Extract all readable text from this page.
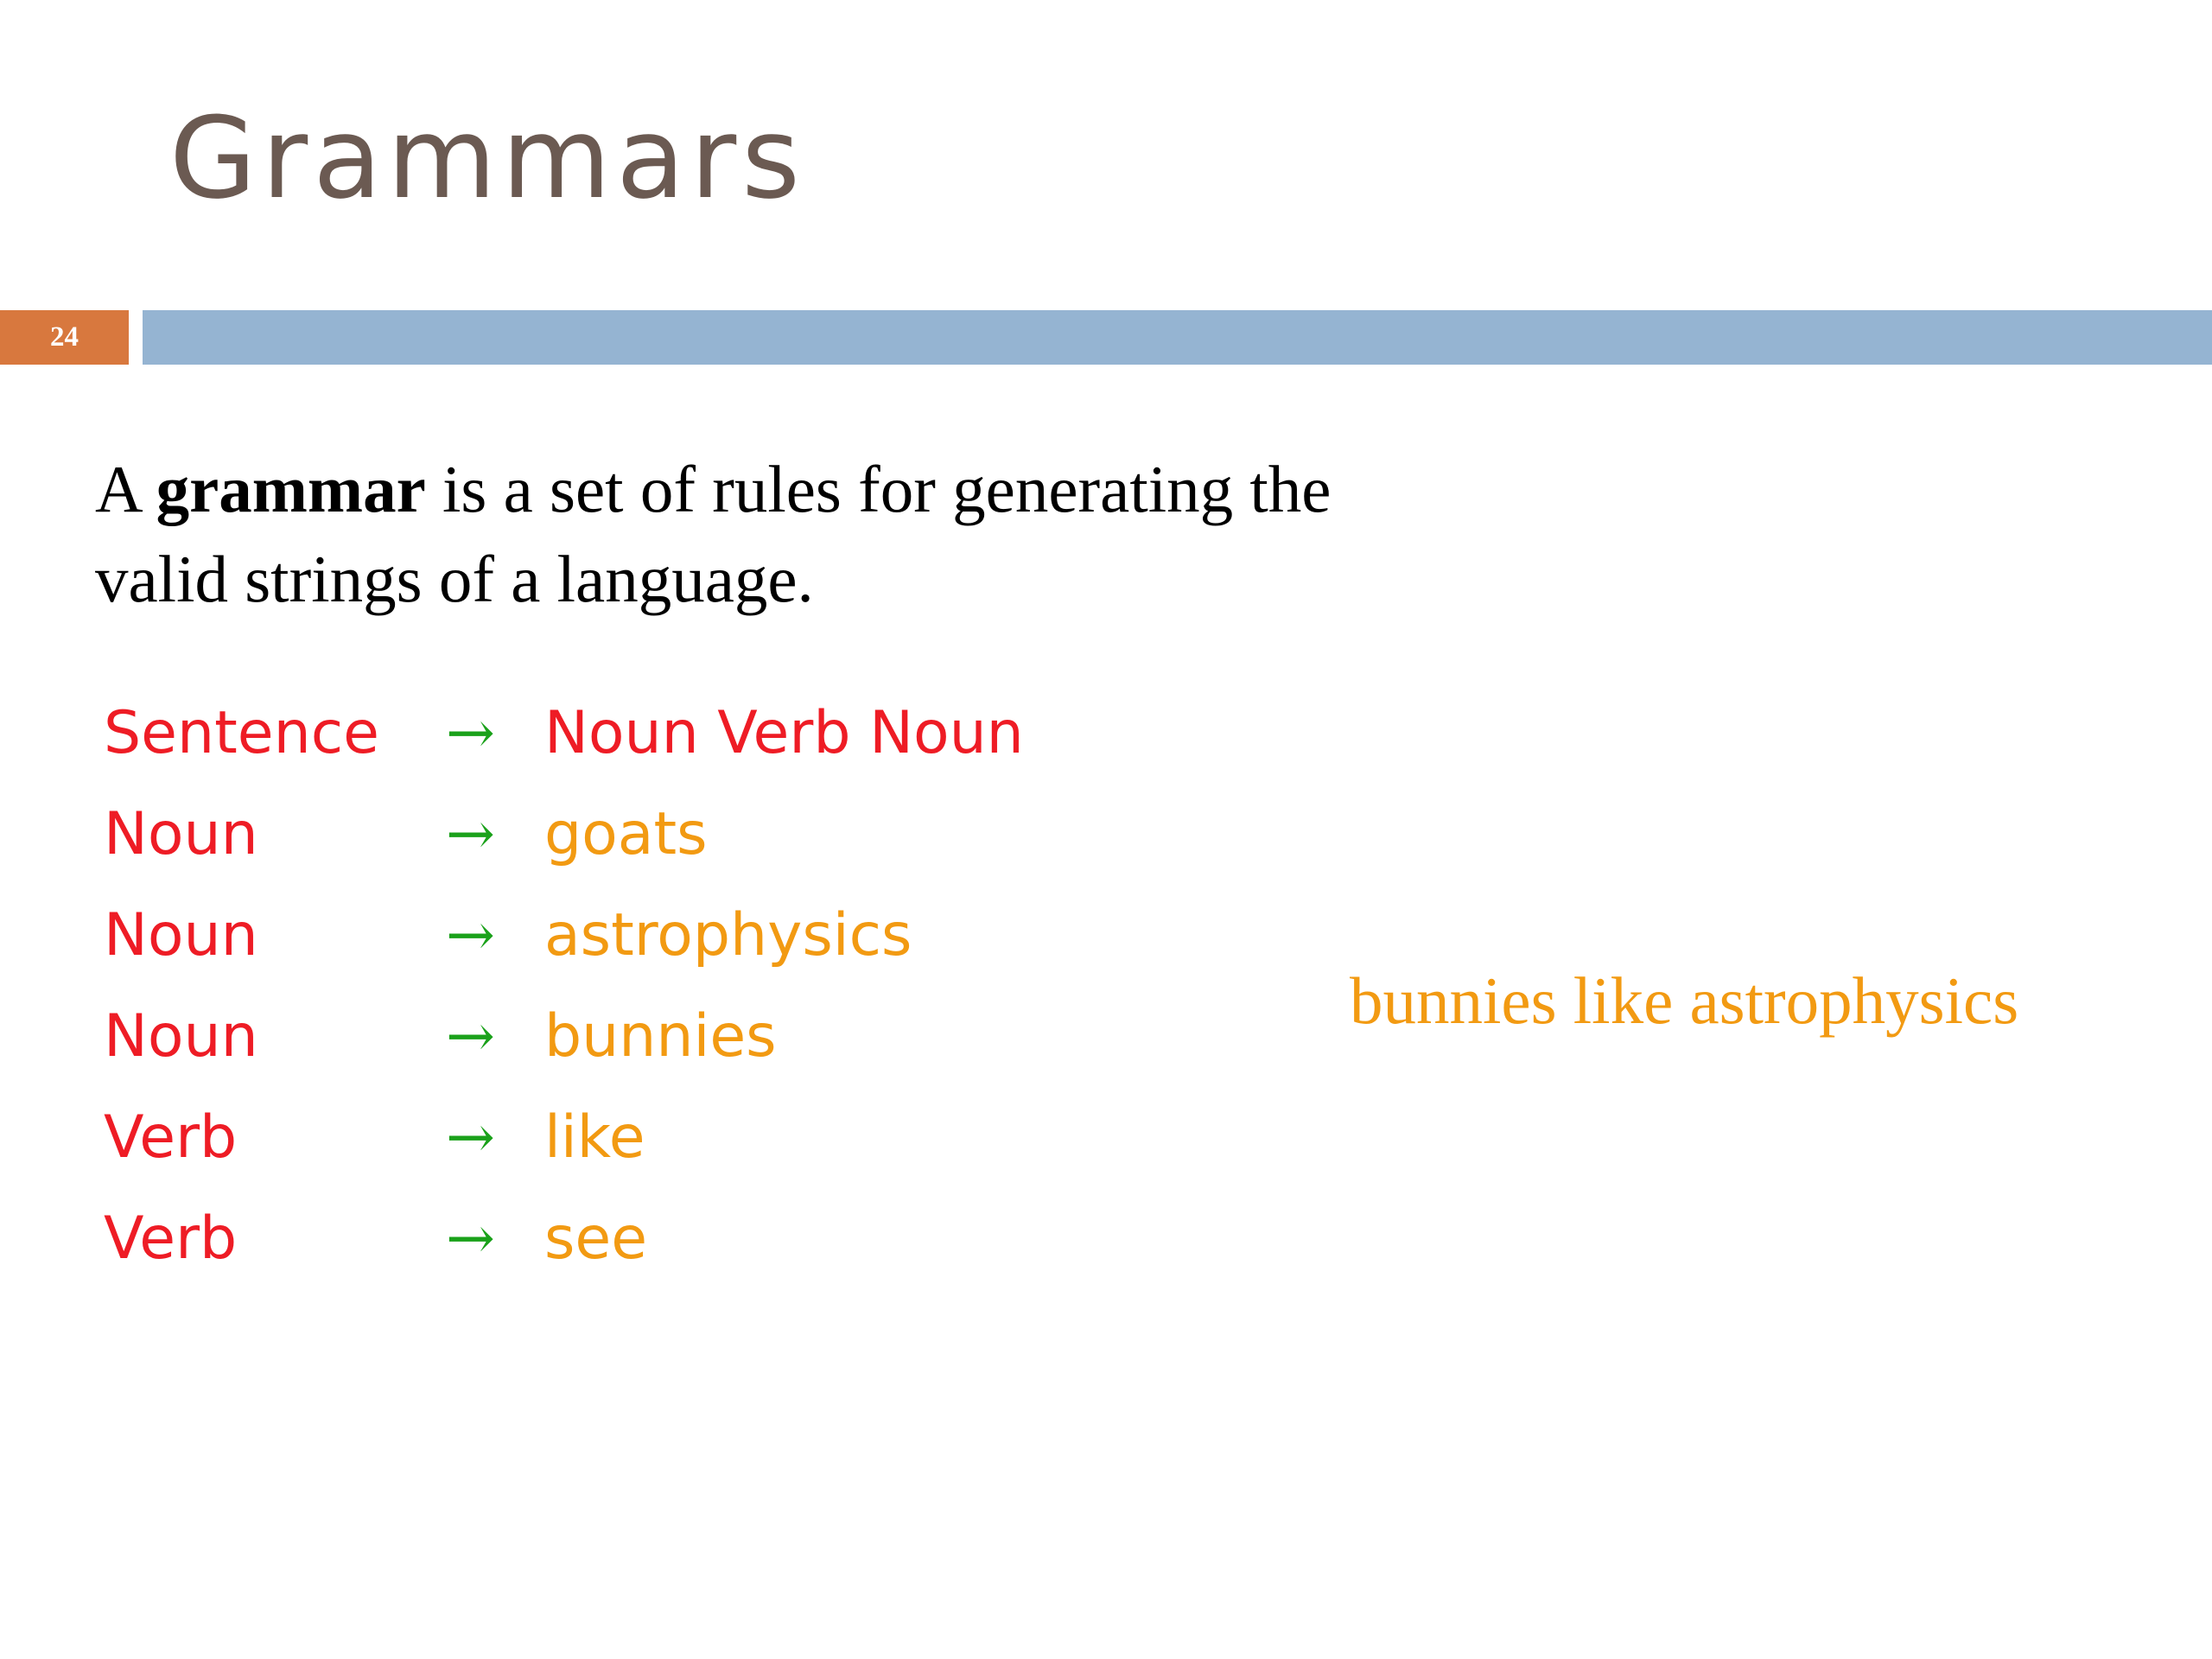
Grammars
24

A grammar is a set of rules for generating the valid strings of a language.

Sentence → Noun Verb Noun
Noun	→ goats
Noun	→ astrophysics
Noun	→ bunnies
Verb	→ like
Verb	→ see
bunnies like astrophysics
